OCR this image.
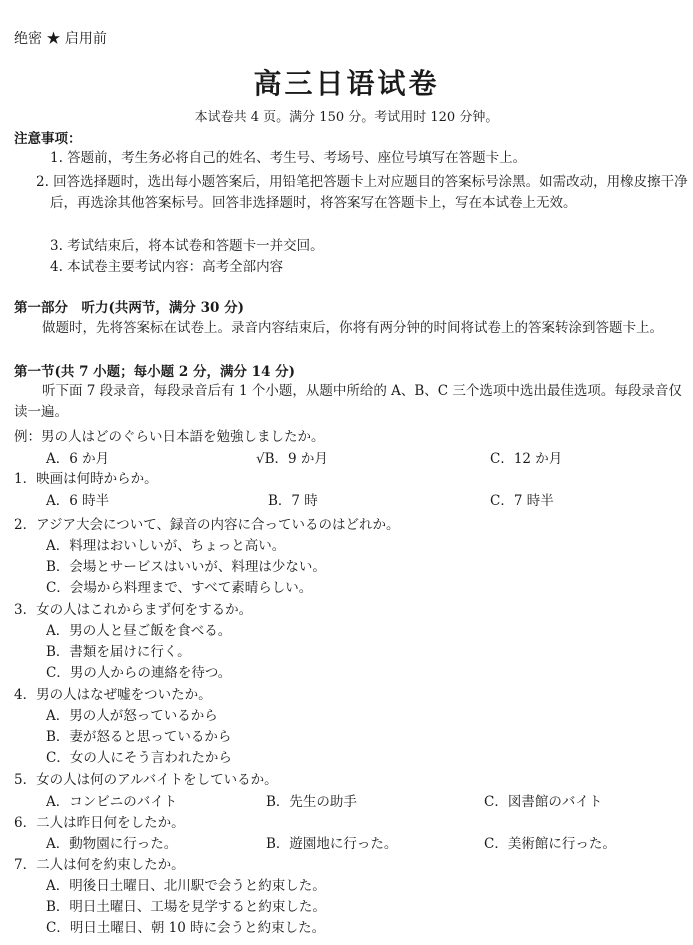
绝密 ★ 启用前
高三日语试卷
本试卷共 4 页。满分 150 分。考试用时 120 分钟。
注意事项：
1. 答题前，考生务必将自己的姓名、考生号、考场号、座位号填写在答题卡上。
2. 回答选择题时，选出每小题答案后，用铅笔把答题卡上对应题目的答案标号涂黑。如需改动，用橡皮擦干净后，再选涂其他答案标号。回答非选择题时，将答案写在答题卡上，写在本试卷上无效。
3. 考试结束后，将本试卷和答题卡一并交回。
4. 本试卷主要考试内容：高考全部内容
第一部分　听力(共两节，满分 30 分)
做题时，先将答案标在试卷上。录音内容结束后，你将有两分钟的时间将试卷上的答案转涂到答题卡上。
第一节(共 7 小题；每小题 2 分，满分 14 分)
听下面 7 段录音，每段录音后有 1 个小题，从题中所给的 A、B、C 三个选项中选出最佳选项。每段录音仅读一遍。
例：男の人はどのぐらい日本語を勉強しましたか。
A．6 か月	√B．9 か月	C．12 か月
1．映画は何時からか。
A．6 時半	B．7 時	C．7 時半
2．アジア大会について、録音の内容に合っているのはどれか。
A．料理はおいしいが、ちょっと高い。
B．会場とサービスはいいが、料理は少ない。
C．会場から料理まで、すべて素晴らしい。
3．女の人はこれからまず何をするか。
A．男の人と昼ご飯を食べる。
B．書類を届けに行く。
C．男の人からの連絡を待つ。
4．男の人はなぜ嘘をついたか。
A．男の人が怒っているから
B．妻が怒ると思っているから
C．女の人にそう言われたから
5．女の人は何のアルバイトをしているか。
A．コンビニのバイト	B．先生の助手	C．図書館のバイト
6．二人は昨日何をしたか。
A．動物園に行った。	B．遊園地に行った。	C．美術館に行った。
7．二人は何を約束したか。
A．明後日土曜日、北川駅で会うと約束した。
B．明日土曜日、工場を見学すると約束した。
C．明日土曜日、朝 10 時に会うと約束した。
